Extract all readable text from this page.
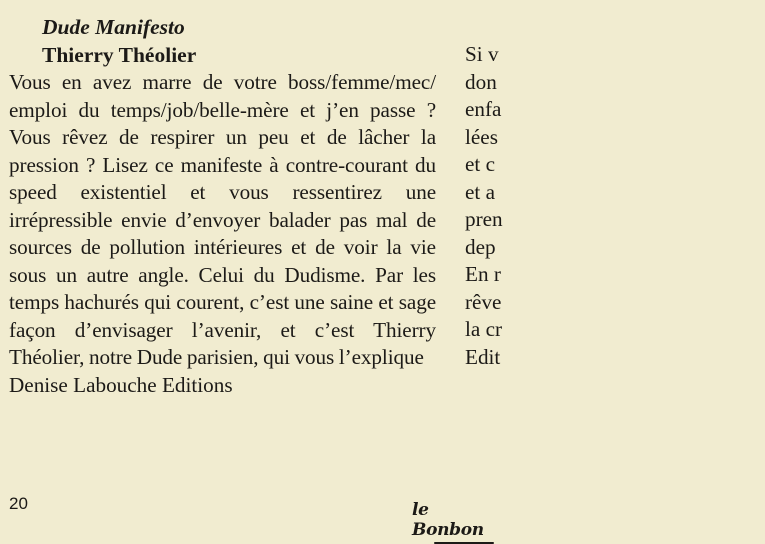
Dude Manifesto

Thierry Théolier

Vous en avez marre de votre boss/femme/mec/ emploi du temps/job/belle-mère et j’en passe ? Vous rêvez de respirer un peu et de lâcher la pression ? Lisez ce manifeste à contre-courant du speed existentiel et vous ressentirez une irrépressible envie d’envoyer balader pas mal de sources de pollution intérieures et de voir la vie sous un autre angle. Celui du Dudisme. Par les temps hachurés qui courent, c’est une saine et sage façon d’envisager l’avenir, et c’est Thierry Théolier, notre Dude parisien, qui vous l’explique

Denise Labouche Editions

Si v
don
enfa
lées
et c
et a
pren
dep
En r
rêve
la cr
Edit
20	le Bonbon
